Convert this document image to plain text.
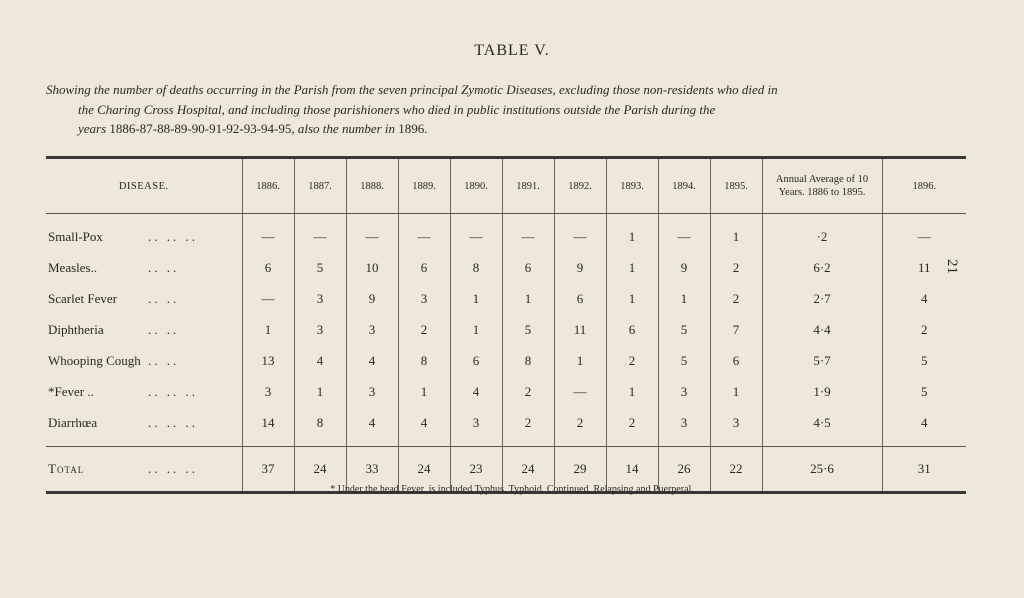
TABLE V.
Showing the number of deaths occurring in the Parish from the seven principal Zymotic Diseases, excluding those non-residents who died in

the Charing Cross Hospital, and including those parishioners who died in public institutions outside the Parish during the
years 1886-87-88-89-90-91-92-93-94-95, also the number in 1896.
21
DISEASE.	1886.	1887.	1888.	1889.	1890.	1891.	1892.	1893.	1894.	1895.	Annual Average of 10 Years. 1886 to 1895.	1896.
Small-Pox .. .. ..	—	—	—	—	—	—	—	1	—	1	·2	—
Measles.. .. ..	6	5	10	6	8	6	9	1	9	2	6·2	11
Scarlet Fever .. ..	—	3	9	3	1	1	6	1	1	2	2·7	4
Diphtheria .. ..	1	3	3	2	1	5	11	6	5	7	4·4	2
Whooping Cough .. ..	13	4	4	8	6	8	1	2	5	6	5·7	5
*Fever .. .. .. ..	3	1	3	1	4	2	—	1	3	1	1·9	5
Diarrhœa .. .. ..	14	8	4	4	3	2	2	2	3	3	4·5	4
Total .. .. ..	37	24	33	24	23	24	29	14	26	22	25·6	31
* Under the head Fever, is included Typhus, Typhoid, Continued, Relapsing and Puerperal.
